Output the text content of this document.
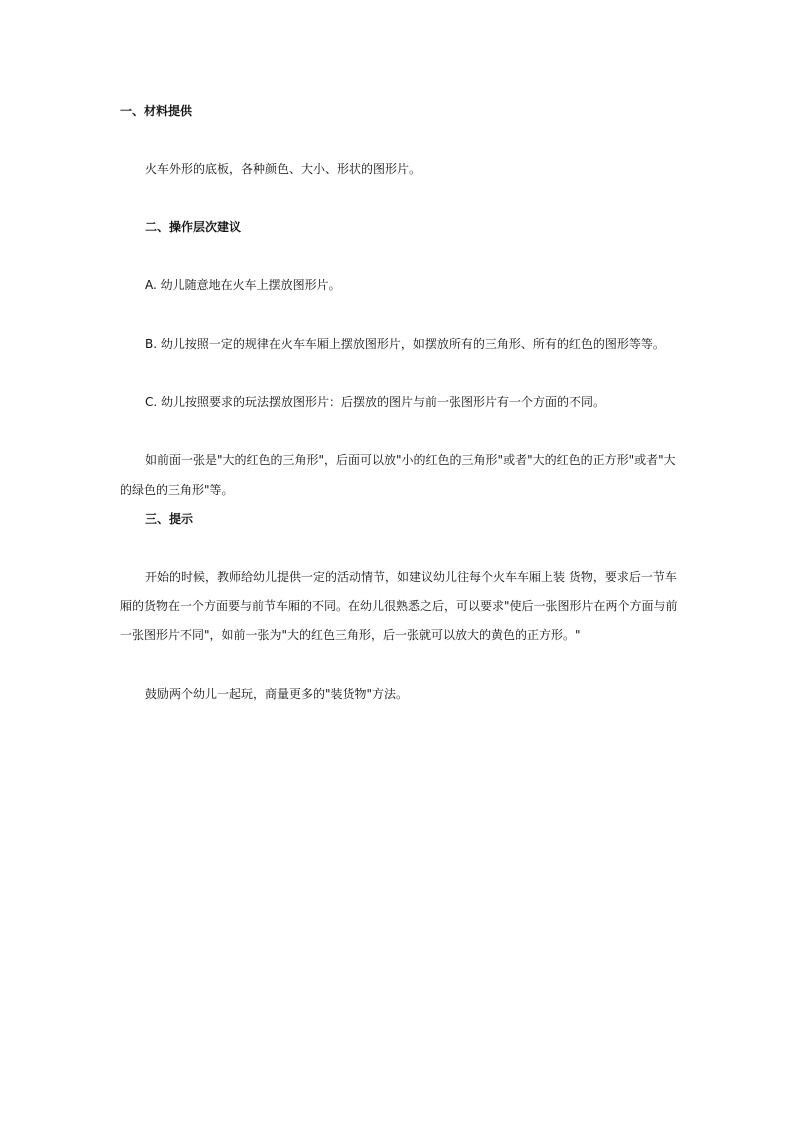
一、材料提供
火车外形的底板，各种颜色、大小、形状的图形片。
二、操作层次建议
A. 幼儿随意地在火车上摆放图形片。
B. 幼儿按照一定的规律在火车车厢上摆放图形片，如摆放所有的三角形、所有的红色的图形等等。
C. 幼儿按照要求的玩法摆放图形片：后摆放的图片与前一张图形片有一个方面的不同。
如前面一张是"大的红色的三角形"，后面可以放"小的红色的三角形"或者"大的红色的正方形"或者"大
的绿色的三角形"等。
三、提示
开始的时候，教师给幼儿提供一定的活动情节，如建议幼儿往每个火车车厢上装 货物，要求后一节车
厢的货物在一个方面要与前节车厢的不同。在幼儿很熟悉之后，可以要求"使后一张图形片在两个方面与前
一张图形片不同"，如前一张为"大的红色三角形，后一张就可以放大的黄色的正方形。"
鼓励两个幼儿一起玩，商量更多的"装货物"方法。
